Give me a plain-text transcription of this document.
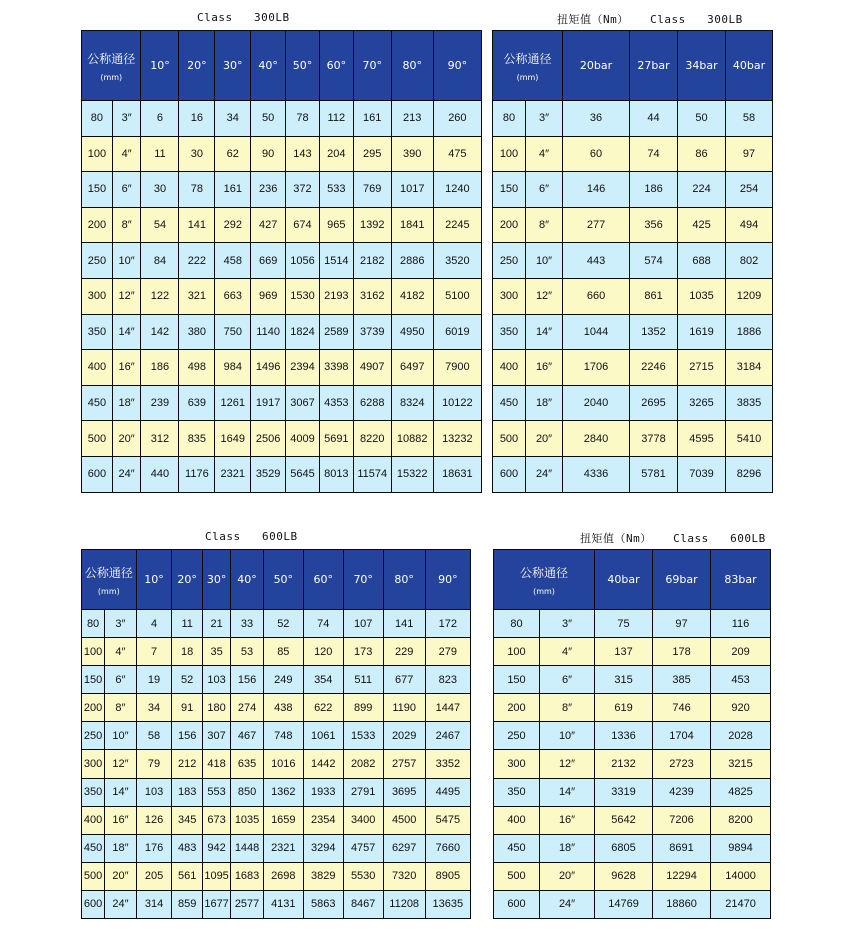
Class   300LB	扭矩值（Nm）   Class   300LB
Class   600LB	扭矩值（Nm）   Class   600LB
公称通径
(mm)		10°	20°	30°	40°	50°	60°	70°	80°	90°
80	3″	6	16	34	50	78	112	161	213	260
100	4″	11	30	62	90	143	204	295	390	475
150	6″	30	78	161	236	372	533	769	1017	1240
200	8″	54	141	292	427	674	965	1392	1841	2245
250	10″	84	222	458	669	1056	1514	2182	2886	3520
300	12″	122	321	663	969	1530	2193	3162	4182	5100
350	14″	142	380	750	1140	1824	2589	3739	4950	6019
400	16″	186	498	984	1496	2394	3398	4907	6497	7900
450	18″	239	639	1261	1917	3067	4353	6288	8324	10122
500	20″	312	835	1649	2506	4009	5691	8220	10882	13232
600	24″	440	1176	2321	3529	5645	8013	11574	15322	18631
公称通径
(mm)		20bar	27bar	34bar	40bar
80	3″	36	44	50	58
100	4″	60	74	86	97
150	6″	146	186	224	254
200	8″	277	356	425	494
250	10″	443	574	688	802
300	12″	660	861	1035	1209
350	14″	1044	1352	1619	1886
400	16″	1706	2246	2715	3184
450	18″	2040	2695	3265	3835
500	20″	2840	3778	4595	5410
600	24″	4336	5781	7039	8296
公称通径
(mm)		10°	20°	30°	40°	50°	60°	70°	80°	90°
80	3″	4	11	21	33	52	74	107	141	172
100	4″	7	18	35	53	85	120	173	229	279
150	6″	19	52	103	156	249	354	511	677	823
200	8″	34	91	180	274	438	622	899	1190	1447
250	10″	58	156	307	467	748	1061	1533	2029	2467
300	12″	79	212	418	635	1016	1442	2082	2757	3352
350	14″	103	183	553	850	1362	1933	2791	3695	4495
400	16″	126	345	673	1035	1659	2354	3400	4500	5475
450	18″	176	483	942	1448	2321	3294	4757	6297	7660
500	20″	205	561	1095	1683	2698	3829	5530	7320	8905
600	24″	314	859	1677	2577	4131	5863	8467	11208	13635
公称通径
(mm)		40bar	69bar	83bar
80	3″	75	97	116
100	4″	137	178	209
150	6″	315	385	453
200	8″	619	746	920
250	10″	1336	1704	2028
300	12″	2132	2723	3215
350	14″	3319	4239	4825
400	16″	5642	7206	8200
450	18″	6805	8691	9894
500	20″	9628	12294	14000
600	24″	14769	18860	21470
